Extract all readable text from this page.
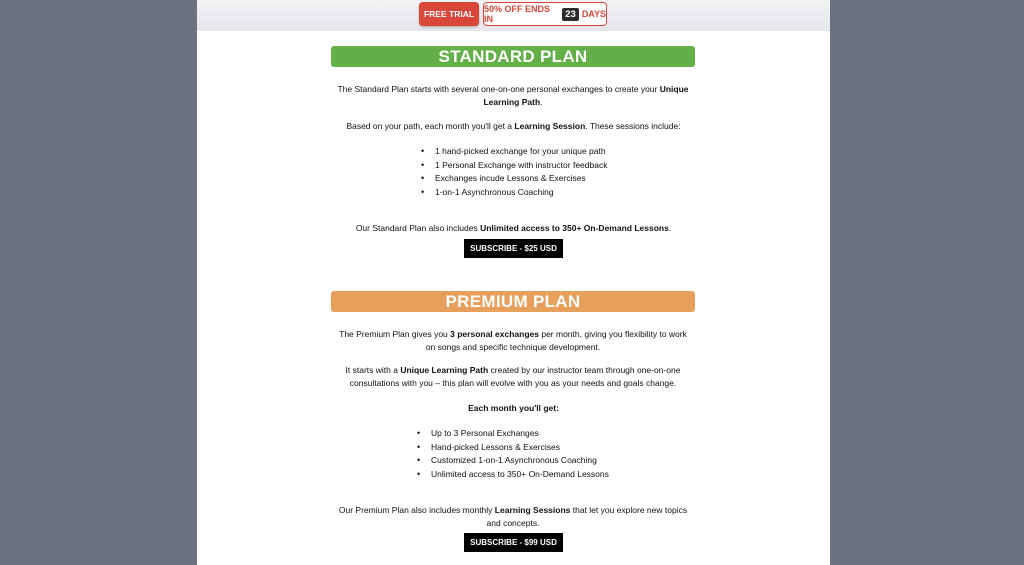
FREE TRIAL	50% OFF ENDS IN	23 DAYS
STANDARD PLAN

The Standard Plan starts with several one-on-one personal exchanges to create your Unique Learning Path.

Based on your path, each month you'll get a Learning Session. These sessions include:

• 1 hand-picked exchange for your unique path
• 1 Personal Exchange with instructor feedback
• Exchanges incude Lessons & Exercises
• 1-on-1 Asynchronous Coaching

Our Standard Plan also includes Unlimited access to 350+ On-Demand Lessons.

SUBSCRIBE - $25 USD
PREMIUM PLAN

The Premium Plan gives you 3 personal exchanges per month, giving you flexibility to work on songs and specific technique development.

It starts with a Unique Learning Path created by our instructor team through one-on-one consultations with you – this plan will evolve with you as your needs and goals change.

Each month you'll get:

• Up to 3 Personal Exchanges
• Hand-picked Lessons & Exercises
• Customized 1-on-1 Asynchronous Coaching
• Unlimited access to 350+ On-Demand Lessons

Our Premium Plan also includes monthly Learning Sessions that let you explore new topics and concepts.

SUBSCRIBE - $99 USD
